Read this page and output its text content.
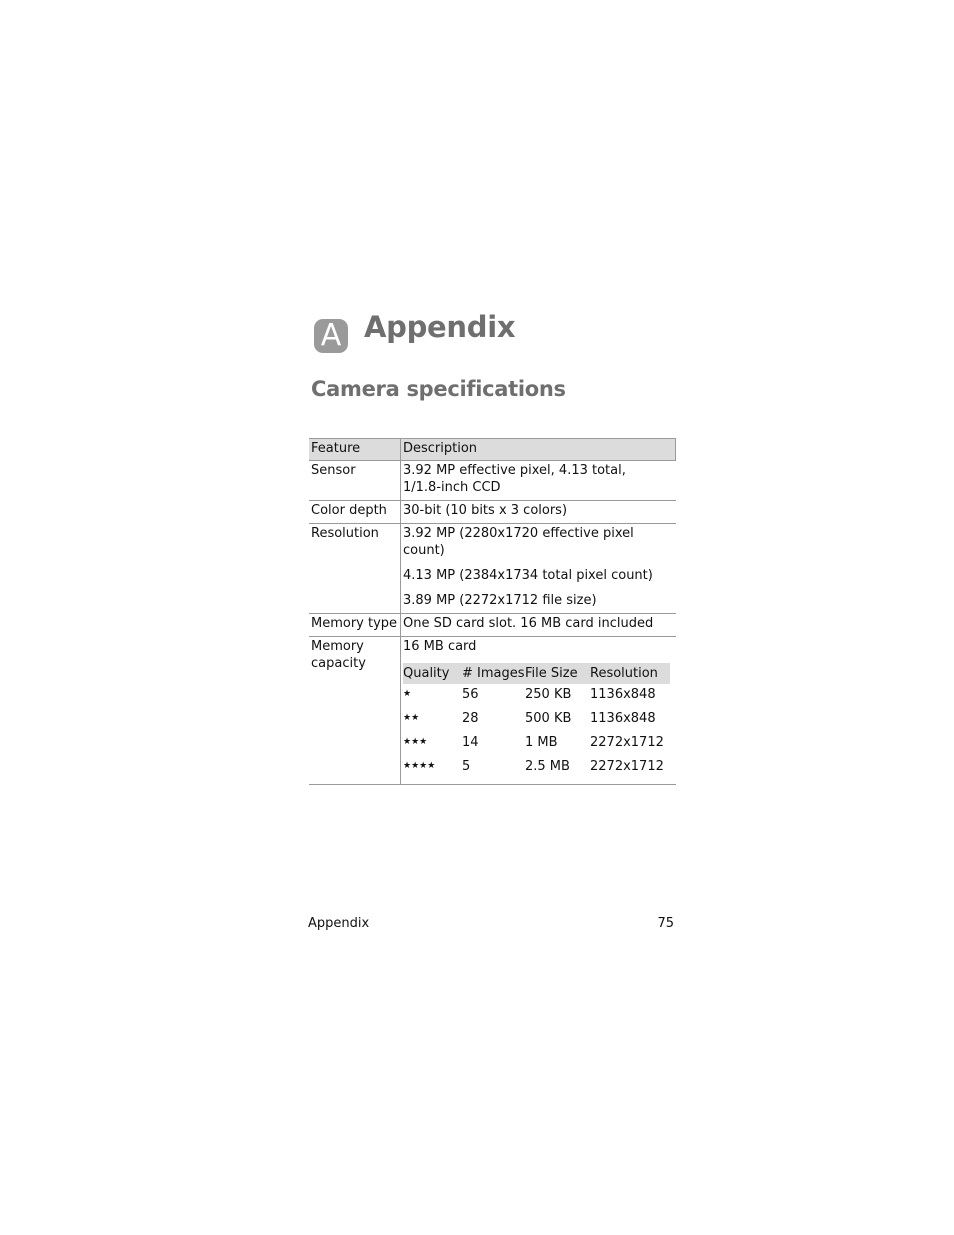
A Appendix
Camera specifications
Feature	Description
Sensor	3.92 MP effective pixel, 4.13 total,
1/1.8-inch CCD

Color depth	30-bit (10 bits x 3 colors)
Resolution	3.92 MP (2280x1720 effective pixel count)
4.13 MP (2384x1734 total pixel count)
3.89 MP (2272x1712 file size)

Memory type	One SD card slot. 16 MB card included

Memory
capacity

16 MB card
Quality	# Images	File Size	Resolution
★	56	250 KB	1136x848
★★	28	500 KB	1136x848
★★★	14	1 MB	2272x1712
★★★★	5	2.5 MB	2272x1712
Appendix	75
